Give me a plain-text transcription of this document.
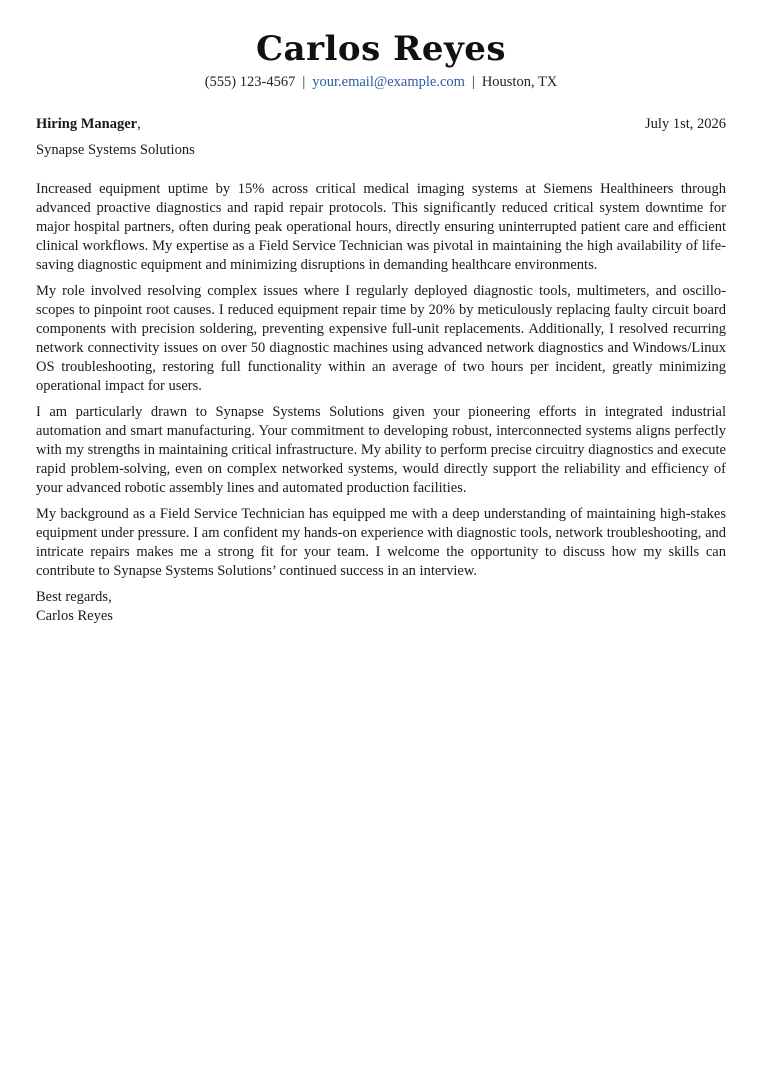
Carlos Reyes
(555) 123-4567 | your.email@example.com | Houston, TX
Hiring Manager,	July 1st, 2026
Synapse Systems Solutions

Increased equipment uptime by 15% across critical medical imaging systems at Siemens Healthineers through advanced proactive diagnostics and rapid repair protocols. This significantly reduced critical system downtime for major hospital partners, often during peak operational hours, directly ensuring uninterrupted patient care and efficient clinical workflows. My expertise as a Field Service Technician was pivotal in maintaining the high availability of life-saving diagnostic equipment and minimizing disruptions in demanding healthcare environments.

My role involved resolving complex issues where I regularly deployed diagnostic tools, multimeters, and oscillo-scopes to pinpoint root causes. I reduced equipment repair time by 20% by meticulously replacing faulty circuit board components with precision soldering, preventing expensive full-unit replacements. Additionally, I resolved recurring network connectivity issues on over 50 diagnostic machines using advanced network diagnostics and Windows/Linux OS troubleshooting, restoring full functionality within an average of two hours per incident, greatly minimizing operational impact for users.

I am particularly drawn to Synapse Systems Solutions given your pioneering efforts in integrated industrial automation and smart manufacturing. Your commitment to developing robust, interconnected systems aligns perfectly with my strengths in maintaining critical infrastructure. My ability to perform precise circuitry diagnostics and execute rapid problem-solving, even on complex networked systems, would directly support the reliability and efficiency of your advanced robotic assembly lines and automated production facilities.

My background as a Field Service Technician has equipped me with a deep understanding of maintaining high-stakes equipment under pressure. I am confident my hands-on experience with diagnostic tools, network troubleshooting, and intricate repairs makes me a strong fit for your team. I welcome the opportunity to discuss how my skills can contribute to Synapse Systems Solutions’ continued success in an interview.

Best regards,
Carlos Reyes
